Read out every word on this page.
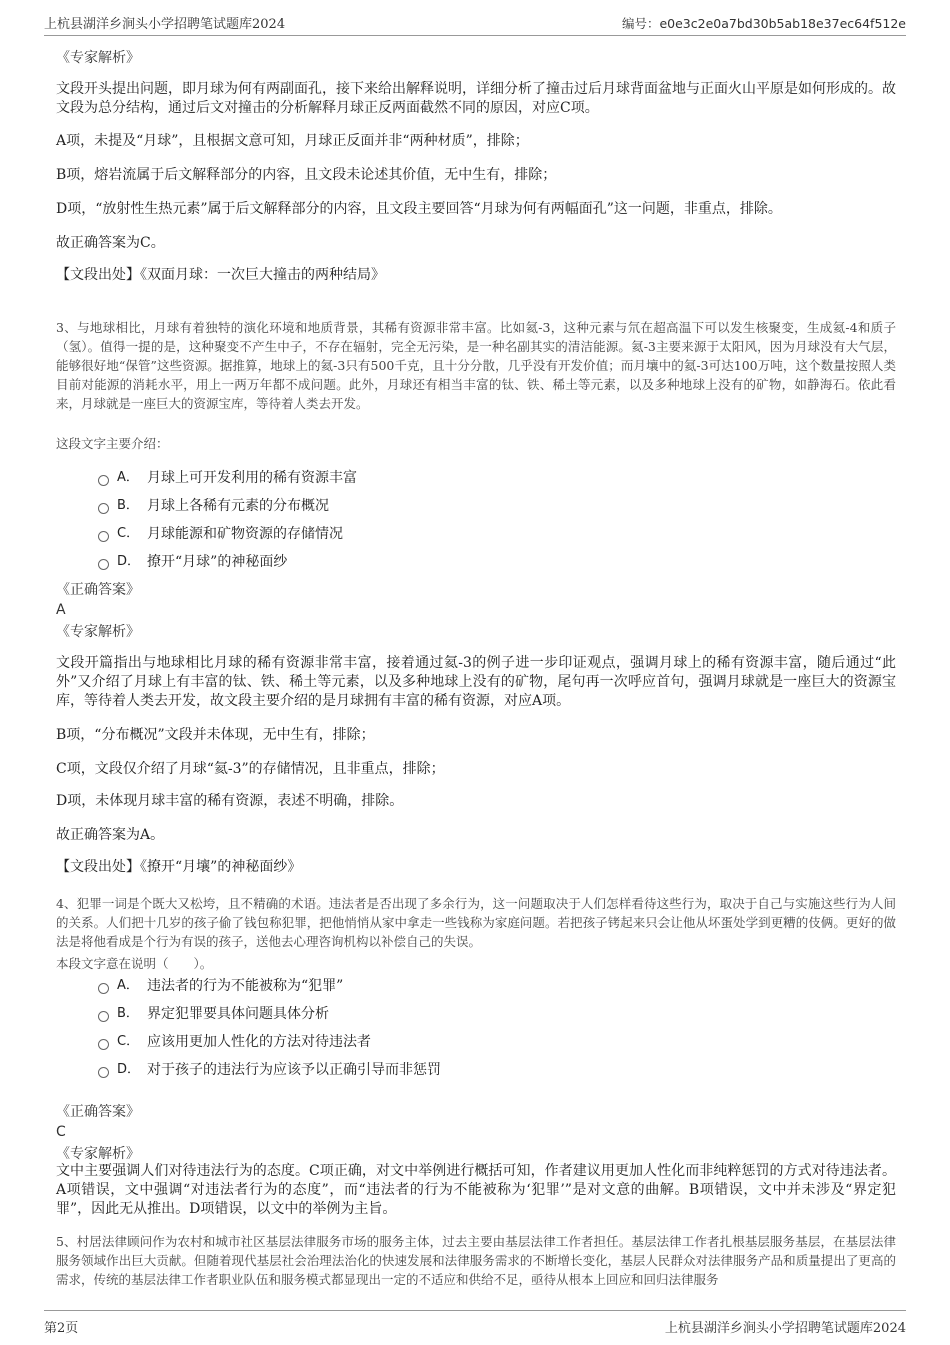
上杭县湖洋乡涧头小学招聘笔试题库2024	编号：e0e3c2e0a7bd30b5ab18e37ec64f512e
《专家解析》
文段开头提出问题，即月球为何有两副面孔，接下来给出解释说明，详细分析了撞击过后月球背面盆地与正面火山平原是如何形成的。故文段为总分结构，通过后文对撞击的分析解释月球正反两面截然不同的原因，对应C项。
A项，未提及“月球”，且根据文意可知，月球正反面并非“两种材质”，排除；
B项，熔岩流属于后文解释部分的内容，且文段未论述其价值，无中生有，排除；
D项，“放射性生热元素”属于后文解释部分的内容，且文段主要回答“月球为何有两幅面孔”这一问题，非重点，排除。
故正确答案为C。
【文段出处】《双面月球：一次巨大撞击的两种结局》
3、与地球相比，月球有着独特的演化环境和地质背景，其稀有资源非常丰富。比如氦-3，这种元素与氘在超高温下可以发生核聚变，生成氦-4和质子（氢）。值得一提的是，这种聚变不产生中子，不存在辐射，完全无污染，是一种名副其实的清洁能源。氦-3主要来源于太阳风，因为月球没有大气层，能够很好地“保管”这些资源。据推算，地球上的氦-3只有500千克，且十分分散，几乎没有开发价值；而月壤中的氦-3可达100万吨，这个数量按照人类目前对能源的消耗水平，用上一两万年都不成问题。此外，月球还有相当丰富的钛、铁、稀土等元素，以及多种地球上没有的矿物，如静海石。依此看来，月球就是一座巨大的资源宝库，等待着人类去开发。
这段文字主要介绍：
A． 月球上可开发利用的稀有资源丰富
B． 月球上各稀有元素的分布概况
C． 月球能源和矿物资源的存储情况
D． 撩开“月球”的神秘面纱
《正确答案》
A
《专家解析》
文段开篇指出与地球相比月球的稀有资源非常丰富，接着通过氦-3的例子进一步印证观点，强调月球上的稀有资源丰富，随后通过“此外”又介绍了月球上有丰富的钛、铁、稀土等元素，以及多种地球上没有的矿物，尾句再一次呼应首句，强调月球就是一座巨大的资源宝库，等待着人类去开发，故文段主要介绍的是月球拥有丰富的稀有资源，对应A项。
B项，“分布概况”文段并未体现，无中生有，排除；
C项，文段仅介绍了月球“氦-3”的存储情况，且非重点，排除；
D项，未体现月球丰富的稀有资源，表述不明确，排除。
故正确答案为A。
【文段出处】《撩开“月壤”的神秘面纱》
4、犯罪一词是个既大又松垮，且不精确的术语。违法者是否出现了多余行为，这一问题取决于人们怎样看待这些行为，取决于自己与实施这些行为人间的关系。人们把十几岁的孩子偷了钱包称犯罪，把他悄悄从家中拿走一些钱称为家庭问题。若把孩子铐起来只会让他从坏蛋处学到更糟的伎俩。更好的做法是将他看成是个行为有误的孩子，送他去心理咨询机构以补偿自己的失误。
本段文字意在说明（　　）。
A． 违法者的行为不能被称为“犯罪”
B． 界定犯罪要具体问题具体分析
C． 应该用更加人性化的方法对待违法者
D． 对于孩子的违法行为应该予以正确引导而非惩罚
《正确答案》
C
《专家解析》
文中主要强调人们对待违法行为的态度。C项正确，对文中举例进行概括可知，作者建议用更加人性化而非纯粹惩罚的方式对待违法者。A项错误，文中强调“对违法者行为的态度”，而“违法者的行为不能被称为‘犯罪’”是对文意的曲解。B项错误，文中并未涉及“界定犯罪”，因此无从推出。D项错误，以文中的举例为主旨。
5、村居法律顾问作为农村和城市社区基层法律服务市场的服务主体，过去主要由基层法律工作者担任。基层法律工作者扎根基层服务基层，在基层法律服务领域作出巨大贡献。但随着现代基层社会治理法治化的快速发展和法律服务需求的不断增长变化，基层人民群众对法律服务产品和质量提出了更高的需求，传统的基层法律工作者职业队伍和服务模式都显现出一定的不适应和供给不足，亟待从根本上回应和回归法律服务
第2页	上杭县湖洋乡涧头小学招聘笔试题库2024
